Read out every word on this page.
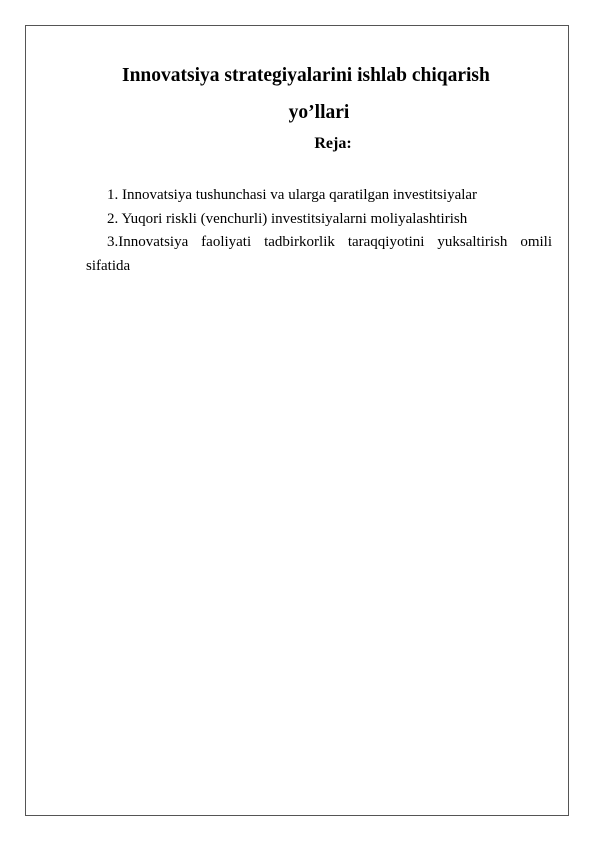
Innovatsiya strategiyalarini ishlab chiqarish
yo’llari
Reja:
1. Innovatsiya tushunchasi va ularga qaratilgan investitsiyalar
2. Yuqori riskli (venchurli) investitsiyalarni moliyalashtirish
3.Innovatsiya faoliyati tadbirkorlik taraqqiyotini yuksaltirish omili sifatida
